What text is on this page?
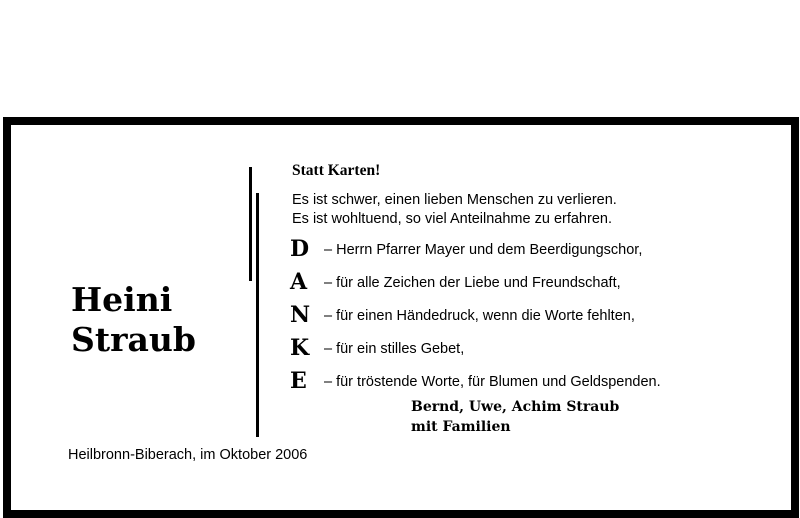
Heini
Straub
Statt Karten!
Es ist schwer, einen lieben Menschen zu verlieren.
Es ist wohltuend, so viel Anteilnahme zu erfahren.
D	– Herrn Pfarrer Mayer und dem Beerdigungschor,
A	– für alle Zeichen der Liebe und Freundschaft,
N – für einen Händedruck, wenn die Worte fehlten,
K	– für ein stilles Gebet,
E	– für tröstende Worte, für Blumen und Geldspenden.
Bernd, Uwe, Achim Straub
mit Familien
Heilbronn-Biberach, im Oktober 2006
